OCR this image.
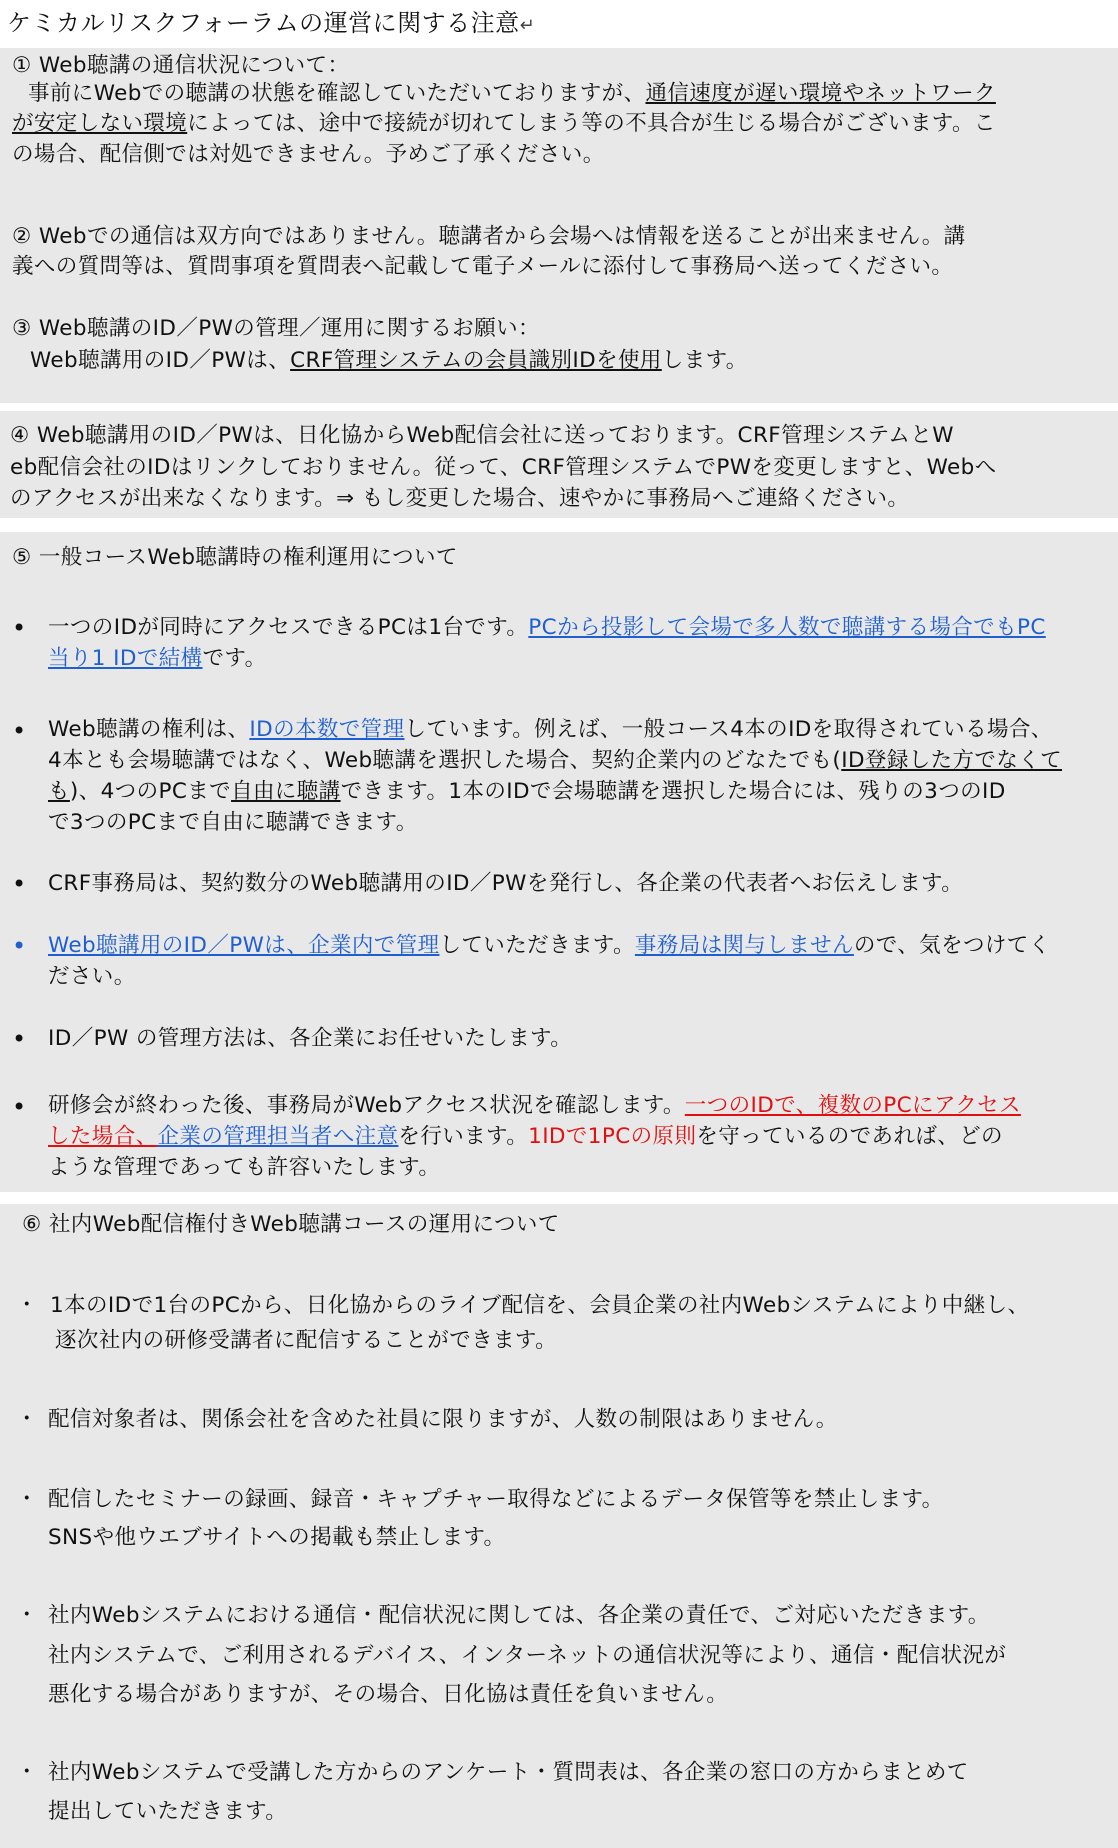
ケミカルリスクフォーラムの運営に関する注意↵
① Web聴講の通信状況について：
事前にWebでの聴講の状態を確認していただいておりますが、通信速度が遅い環境やネットワーク
が安定しない環境によっては、途中で接続が切れてしまう等の不具合が生じる場合がございます。こ
の場合、配信側では対処できません。予めご了承ください。
② Webでの通信は双方向ではありません。聴講者から会場へは情報を送ることが出来ません。講
義への質問等は、質問事項を質問表へ記載して電子メールに添付して事務局へ送ってください。
③ Web聴講のID／PWの管理／運用に関するお願い：
Web聴講用のID／PWは、CRF管理システムの会員識別IDを使用します。
④ Web聴講用のID／PWは、日化協からWeb配信会社に送っております。CRF管理システムとW
eb配信会社のIDはリンクしておりません。従って、CRF管理システムでPWを変更しますと、Webへ
のアクセスが出来なくなります。⇒ もし変更した場合、速やかに事務局へご連絡ください。
⑤ 一般コースWeb聴講時の権利運用について
• 一つのIDが同時にアクセスできるPCは1台です。PCから投影して会場で多人数で聴講する場合でもPC
当り1 IDで結構です。
• Web聴講の権利は、IDの本数で管理しています。例えば、一般コース4本のIDを取得されている場合、
4本とも会場聴講ではなく、Web聴講を選択した場合、契約企業内のどなたでも(ID登録した方でなくて
も)、4つのPCまで自由に聴講できます。1本のIDで会場聴講を選択した場合には、残りの3つのID
で3つのPCまで自由に聴講できます。
• CRF事務局は、契約数分のWeb聴講用のID／PWを発行し、各企業の代表者へお伝えします。
• Web聴講用のID／PWは、企業内で管理していただきます。事務局は関与しませんので、気をつけてく
ださい。
• ID／PW の管理方法は、各企業にお任せいたします。
• 研修会が終わった後、事務局がWebアクセス状況を確認します。一つのIDで、複数のPCにアクセス
した場合、企業の管理担当者へ注意を行います。1IDで1PCの原則を守っているのであれば、どの
ような管理であっても許容いたします。
⑥ 社内Web配信権付きWeb聴講コースの運用について
・ 1本のIDで1台のPCから、日化協からのライブ配信を、会員企業の社内Webシステムにより中継し、
逐次社内の研修受講者に配信することができます。
・ 配信対象者は、関係会社を含めた社員に限りますが、人数の制限はありません。
・ 配信したセミナーの録画、録音・キャプチャー取得などによるデータ保管等を禁止します。
SNSや他ウエブサイトへの掲載も禁止します。
・ 社内Webシステムにおける通信・配信状況に関しては、各企業の責任で、ご対応いただきます。
社内システムで、ご利用されるデバイス、インターネットの通信状況等により、通信・配信状況が
悪化する場合がありますが、その場合、日化協は責任を負いません。
・ 社内Webシステムで受講した方からのアンケート・質問表は、各企業の窓口の方からまとめて
提出していただきます。
